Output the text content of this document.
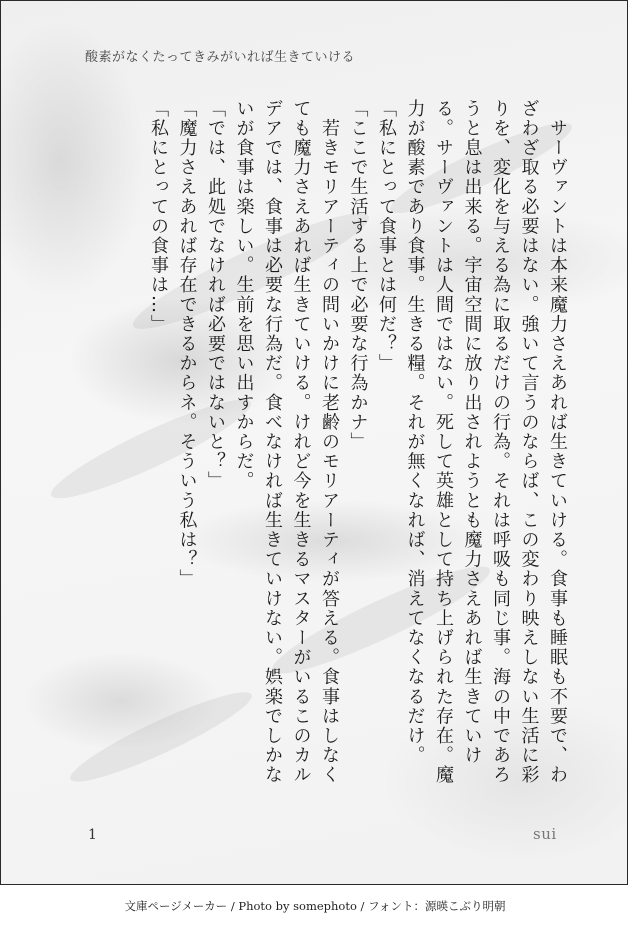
酸素がなくたってきみがいれば生きていける

　サーヴァントは本来魔力さえあれば生きていける。食事も睡眠も不要で、わざわざ取る必要はない。強いて言うのならば、この変わり映えしない生活に彩りを、変化を与える為に取るだけの行為。それは呼吸も同じ事。海の中であろうと息は出来る。宇宙空間に放り出されようとも魔力さえあれば生きていける。サーヴァントは人間ではない。死して英雄として持ち上げられた存在。魔力が酸素であり食事。生きる糧。それが無くなれば、消えてなくなるだけ。

「私にとって食事とは何だ？」

「ここで生活する上で必要な行為かナ」

　若きモリアーティの問いかけに老齢のモリアーティが答える。食事はしなくても魔力さえあれば生きていける。けれど今を生きるマスターがいるこのカルデアでは、食事は必要な行為だ。食べなければ生きていけない。娯楽でしかないが食事は楽しい。生前を思い出すからだ。

「では、此処でなければ必要ではないと？」

「魔力さえあれば存在できるからネ。そういう私は？」

「私にとっての食事は…」

1	sui
文庫ページメーカー / Photo by somephoto / フォント：源暎こぶり明朝
